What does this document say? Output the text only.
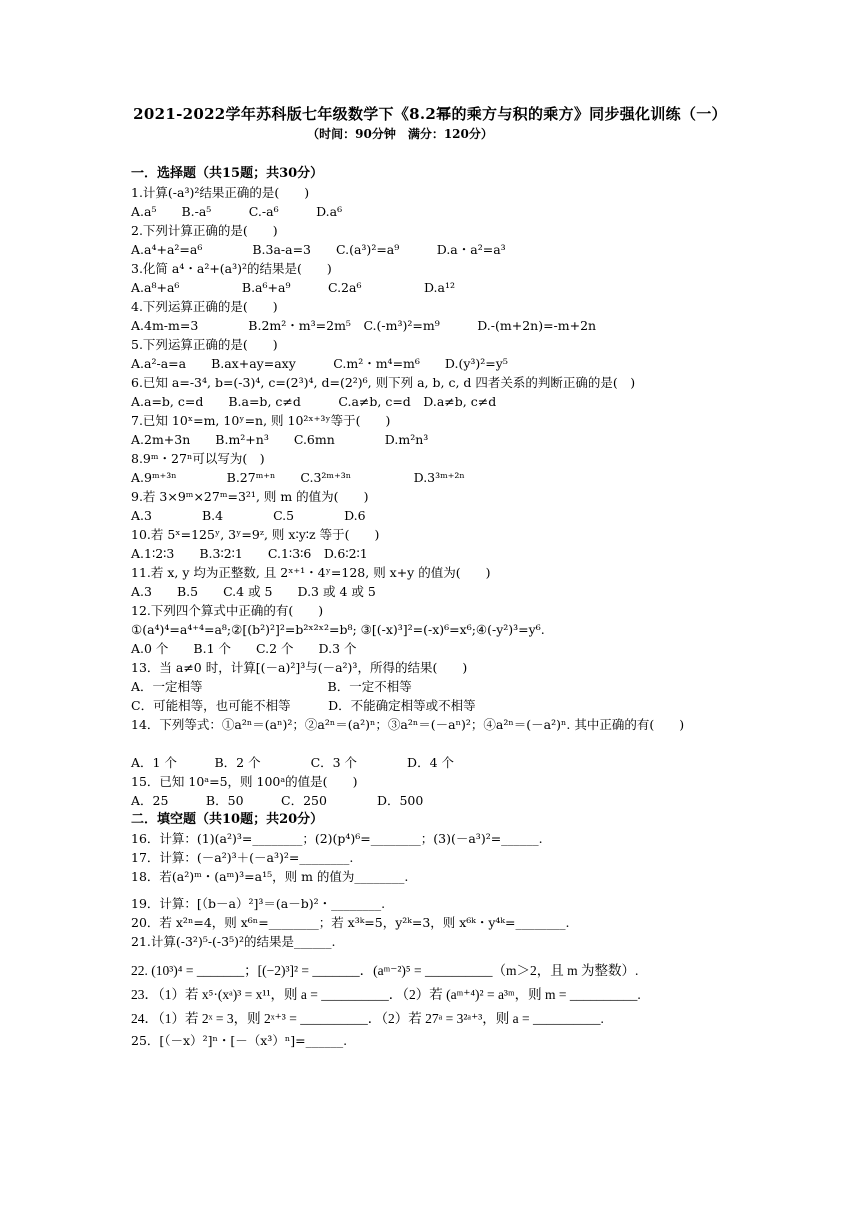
2021-2022学年苏科版七年级数学下《8.2幂的乘方与积的乘方》同步强化训练（一）
（时间：90分钟　满分：120分）
一．选择题（共15题；共30分）
1.计算(-a³)²结果正确的是(　　)
A.a⁵　　B.-a⁵　　　C.-a⁶　　　D.a⁶
2.下列计算正确的是(　　)
A.a⁴+a²=a⁶　　　　B.3a-a=3　　C.(a³)²=a⁹　　　D.a・a²=a³
3.化简 a⁴・a²+(a³)²的结果是(　　)
A.a⁸+a⁶　　　　　B.a⁶+a⁹　　　C.2a⁶　　　　　D.a¹²
4.下列运算正确的是(　　)
A.4m-m=3　　　　B.2m²・m³=2m⁵　C.(-m³)²=m⁹　　　D.-(m+2n)=-m+2n
5.下列运算正确的是(　　)
A.a²-a=a　　B.ax+ay=axy　　　C.m²・m⁴=m⁶　　D.(y³)²=y⁵
6.已知 a=-3⁴, b=(-3)⁴, c=(2³)⁴, d=(2²)⁶, 则下列 a, b, c, d 四者关系的判断正确的是(　)
A.a=b, c=d　　B.a=b, c≠d　　　C.a≠b, c=d　D.a≠b, c≠d
7.已知 10ˣ=m, 10ʸ=n, 则 10²ˣ⁺³ʸ等于(　　)
A.2m+3n　　B.m²+n³　　C.6mn　　　　D.m²n³
8.9ᵐ・27ⁿ可以写为(　)
A.9ᵐ⁺³ⁿ　　　　B.27ᵐ⁺ⁿ　　C.3²ᵐ⁺³ⁿ　　　　　D.3³ᵐ⁺²ⁿ
9.若 3×9ᵐ×27ᵐ=3²¹, 则 m 的值为(　　)
A.3　　　　B.4　　　　C.5　　　　D.6
10.若 5ˣ=125ʸ, 3ʸ=9ᶻ, 则 x∶y∶z 等于(　　)
A.1∶2∶3　　B.3∶2∶1　　C.1∶3∶6　D.6∶2∶1
11.若 x, y 均为正整数, 且 2ˣ⁺¹・4ʸ=128, 则 x+y 的值为(　　)
A.3　　B.5　　C.4 或 5　　D.3 或 4 或 5
12.下列四个算式中正确的有(　　)
①(a⁴)⁴=a⁴⁺⁴=a⁸;②[(b²)²]²=b²ˣ²ˣ²=b⁸; ③[(-x)³]²=(-x)⁶=x⁶;④(-y²)³=y⁶.
A.0 个　　B.1 个　　C.2 个　　D.3 个
13．当 a≠0 时，计算[(－a)²]³与(－a²)³，所得的结果(　　)
A．一定相等　　　　　　　　　　B．一定不相等
C．可能相等，也可能不相等　　　D．不能确定相等或不相等
14．下列等式：①a²ⁿ＝(aⁿ)²；②a²ⁿ＝(a²)ⁿ；③a²ⁿ＝(－aⁿ)²；④a²ⁿ＝(－a²)ⁿ. 其中正确的有(　　)
A．1 个　　　B．2 个　　　　C．3 个　　　　D．4 个
15．已知 10ᵃ=5，则 100ᵃ的值是(　　)
A．25　　　B．50　　　C．250　　　　D．500
二．填空题（共10题；共20分）
16．计算：(1)(a²)³=________；(2)(p⁴)⁶=________；(3)(－a³)²=______.
17．计算：(－a²)³＋(－a³)²=________.
18．若(a²)ᵐ・(aᵐ)³=a¹⁵，则 m 的值为________.
19．计算：[（b－a）²]³＝(a－b)²・________.
20．若 x²ⁿ=4，则 x⁶ⁿ=________；若 x³ᵏ=5，y²ᵏ=3，则 x⁶ᵏ・y⁴ᵏ=________.
21.计算(-3²)⁵-(-3⁵)²的结果是______.
22. (10³)⁴ = _______；[(−2)³]² = _______．(aᵐ⁻²)⁵ = __________（m＞2，且 m 为整数）.
23．（1）若 x⁵·(xᵃ)³ = x¹¹，则 a = __________．（2）若 (aᵐ⁺⁴)² = a³ᵐ，则 m = __________.
24．（1）若 2ˣ = 3，则 2ˣ⁺³ = __________．（2）若 27ᵃ = 3²ᵃ⁺³，则 a = __________.
25．[（－x）²]ⁿ・[－（x³）ⁿ]=______.
